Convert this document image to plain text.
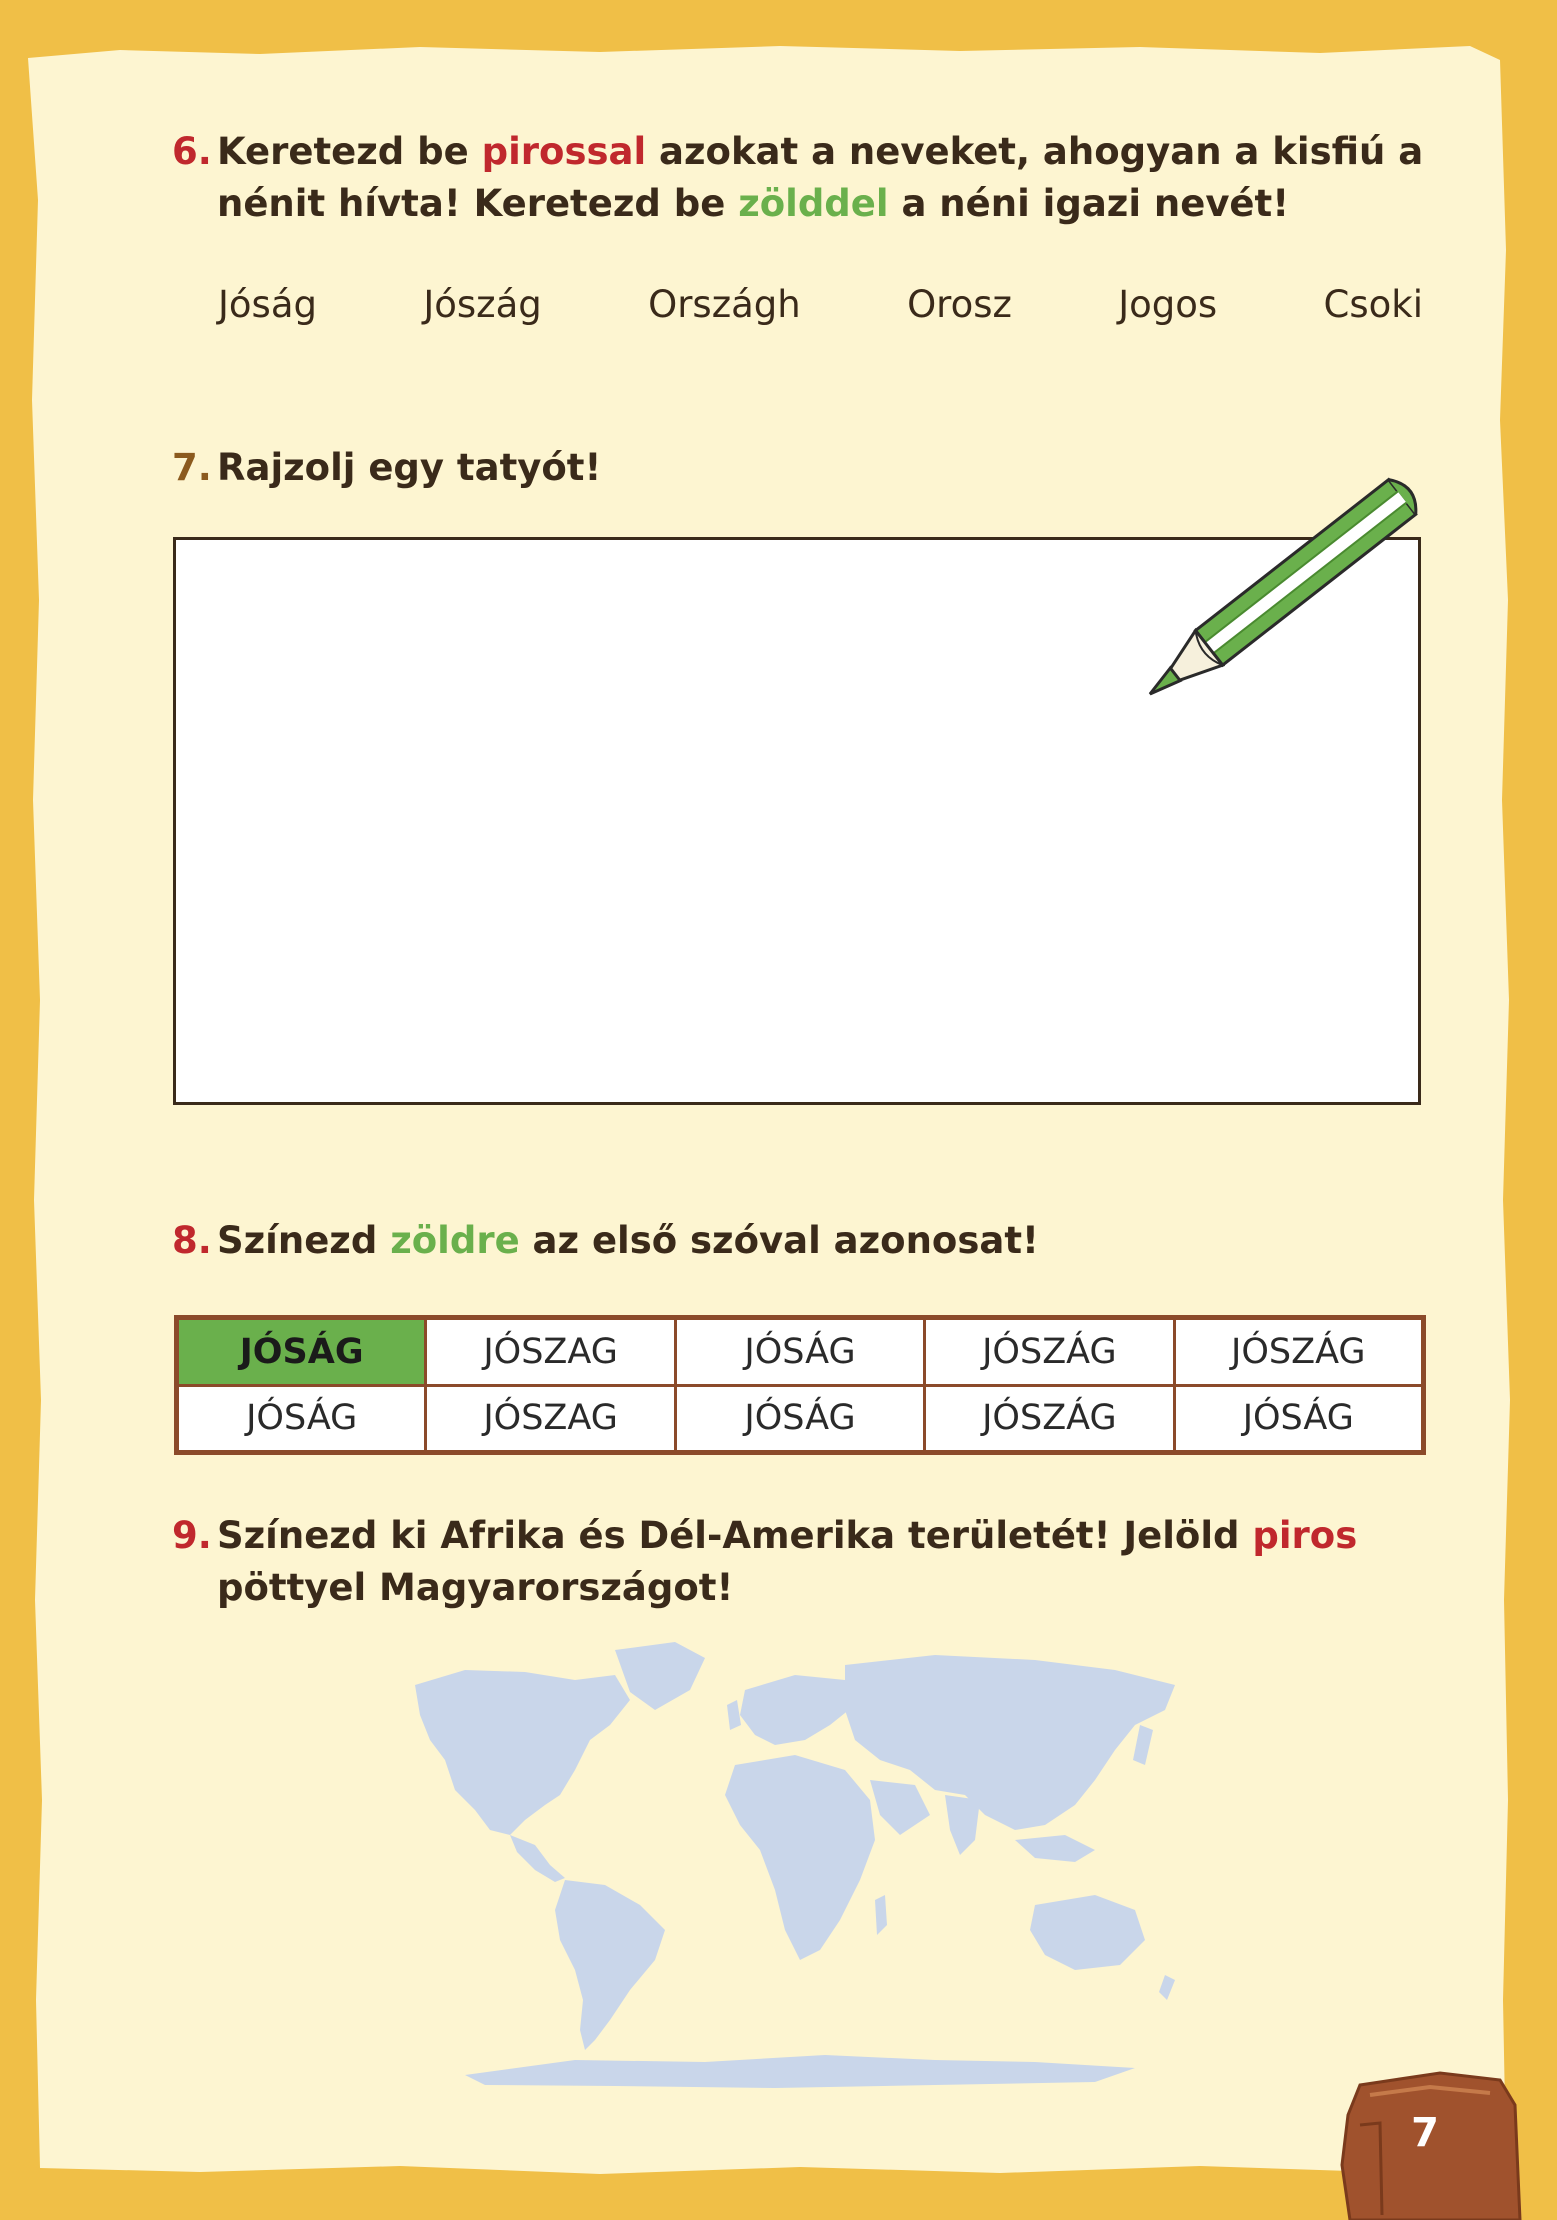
6. Keretezd be pirossal azokat a neveket, ahogyan a kisfiú a nénit hívta! Keretezd be zölddel a néni igazi nevét!
Jóság	Jószág	Országh	Orosz	Jogos	Csoki
7. Rajzolj egy tatyót!
8. Színezd zöldre az első szóval azonosat!
JÓSÁG	JÓSZAG	JÓSÁG	JÓSZÁG	JÓSZÁG
JÓSÁG	JÓSZAG	JÓSÁG	JÓSZÁG	JÓSÁG
9. Színezd ki Afrika és Dél-Amerika területét! Jelöld piros pöttyel Magyarországot!
7
